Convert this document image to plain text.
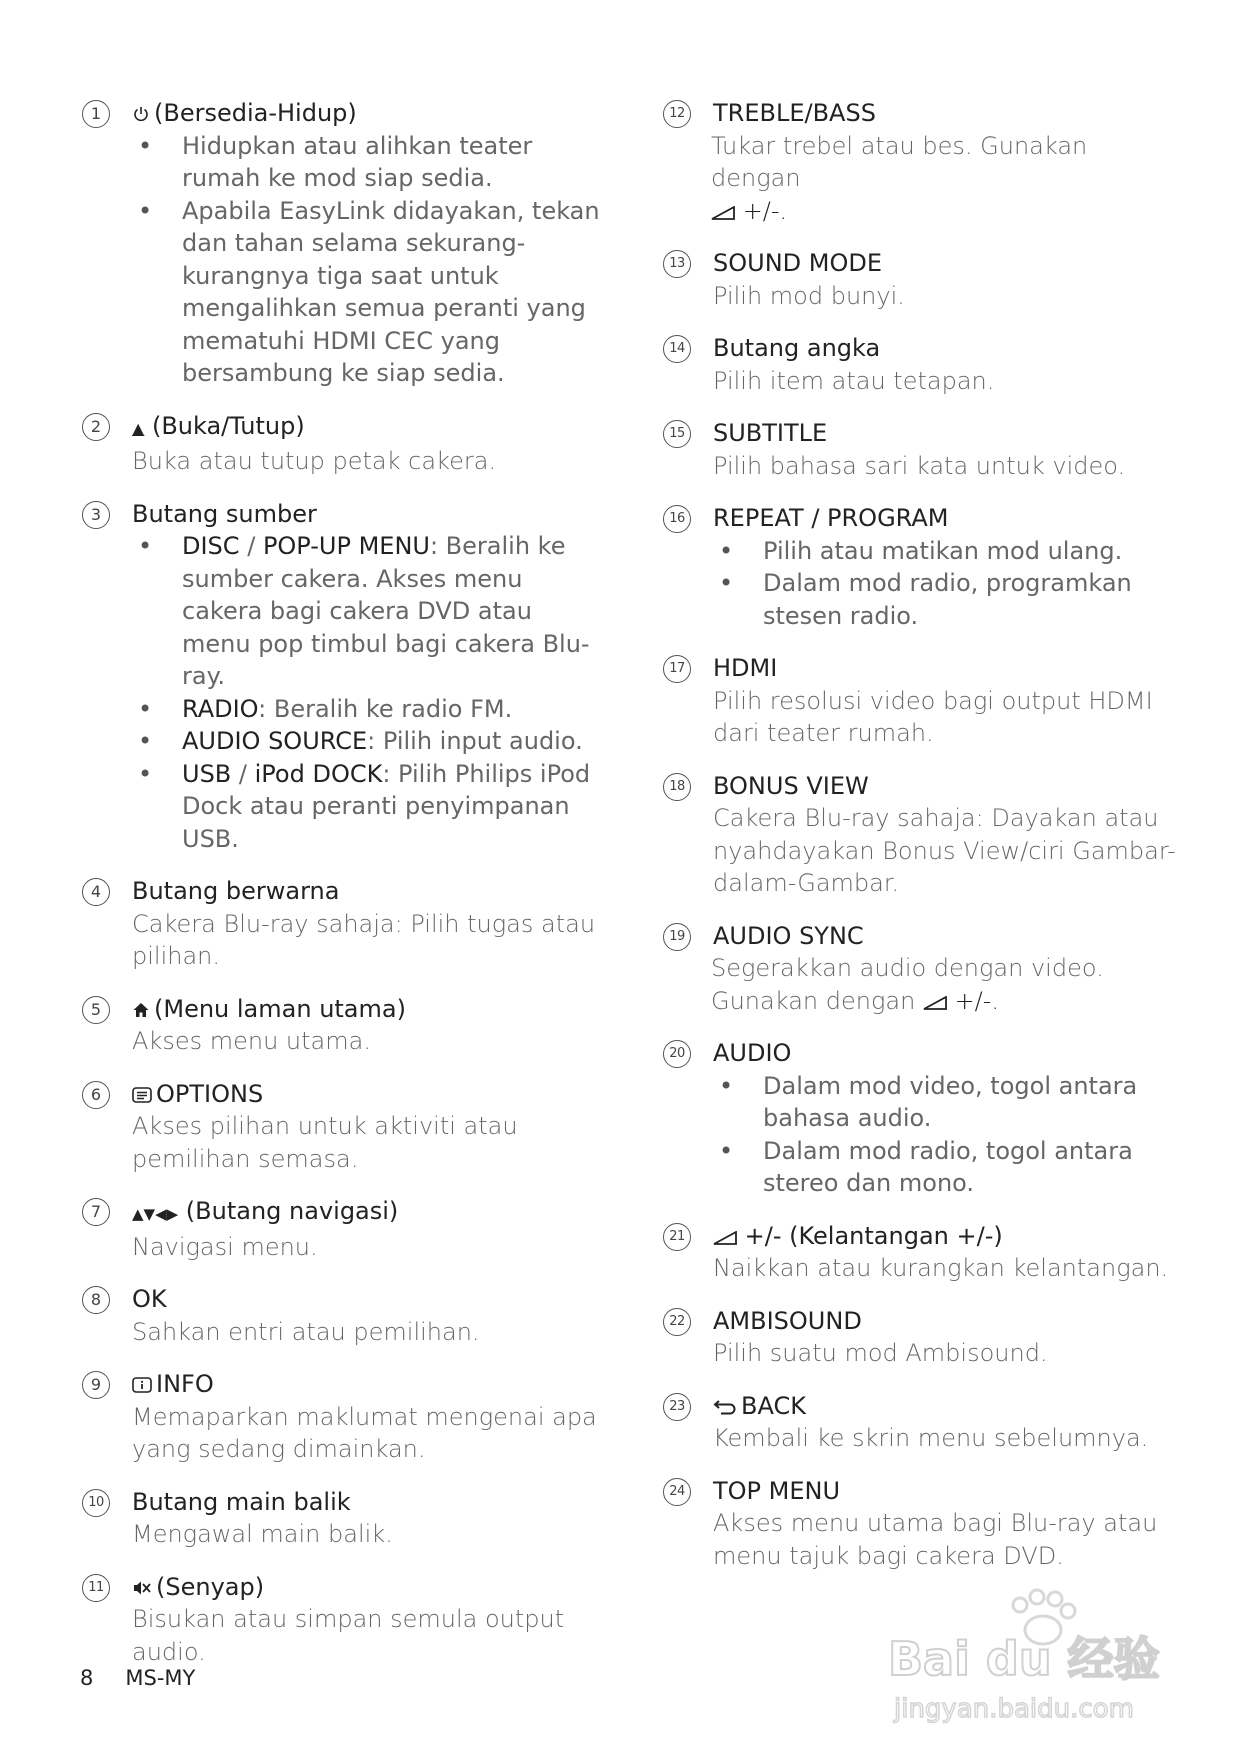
1	(Bersedia-Hidup)
• Hidupkan atau alihkan teater rumah ke mod siap sedia.
• Apabila EasyLink didayakan, tekan dan tahan selama sekurang-kurangnya tiga saat untuk mengalihkan semua peranti yang mematuhi HDMI CEC yang bersambung ke siap sedia.
2	▲ (Buka/Tutup)
Buka atau tutup petak cakera.
3	Butang sumber
• DISC / POP-UP MENU: Beralih ke sumber cakera. Akses menu cakera bagi cakera DVD atau menu pop timbul bagi cakera Blu-ray.
• RADIO: Beralih ke radio FM.
• AUDIO SOURCE: Pilih input audio.
• USB / iPod DOCK: Pilih Philips iPod Dock atau peranti penyimpanan USB.
4	Butang berwarna
Cakera Blu-ray sahaja: Pilih tugas atau pilihan.
5	(Menu laman utama)
Akses menu utama.
6	OPTIONS
Akses pilihan untuk aktiviti atau pemilihan semasa.
7	▲▼◀▶ (Butang navigasi)
Navigasi menu.
8	OK
Sahkan entri atau pemilihan.
9	INFO
Memaparkan maklumat mengenai apa yang sedang dimainkan.
10 Butang main balik
Mengawal main balik.
11	(Senyap)
Bisukan atau simpan semula output audio.
12 TREBLE/BASS
Tukar trebel atau bes. Gunakan dengan
+/-.
13 SOUND MODE
Pilih mod bunyi.
14 Butang angka
Pilih item atau tetapan.
15 SUBTITLE
Pilih bahasa sari kata untuk video.
16 REPEAT / PROGRAM
• Pilih atau matikan mod ulang.
• Dalam mod radio, programkan stesen radio.
17 HDMI
Pilih resolusi video bagi output HDMI dari teater rumah.
18 BONUS VIEW
Cakera Blu-ray sahaja: Dayakan atau nyahdayakan Bonus View/ciri Gambar-dalam-Gambar.
19 AUDIO SYNC
Segerakkan audio dengan video. Gunakan dengan +/-.
20 AUDIO
• Dalam mod video, togol antara bahasa audio.
• Dalam mod radio, togol antara stereo dan mono.
21	+/- (Kelantangan +/-)
Naikkan atau kurangkan kelantangan.
22 AMBISOUND
Pilih suatu mod Ambisound.
23	BACK
Kembali ke skrin menu sebelumnya.
24 TOP MENU
Akses menu utama bagi Blu-ray atau menu tajuk bagi cakera DVD.
8 MS-MY	Bai du 经验
jingyan.baidu.com
